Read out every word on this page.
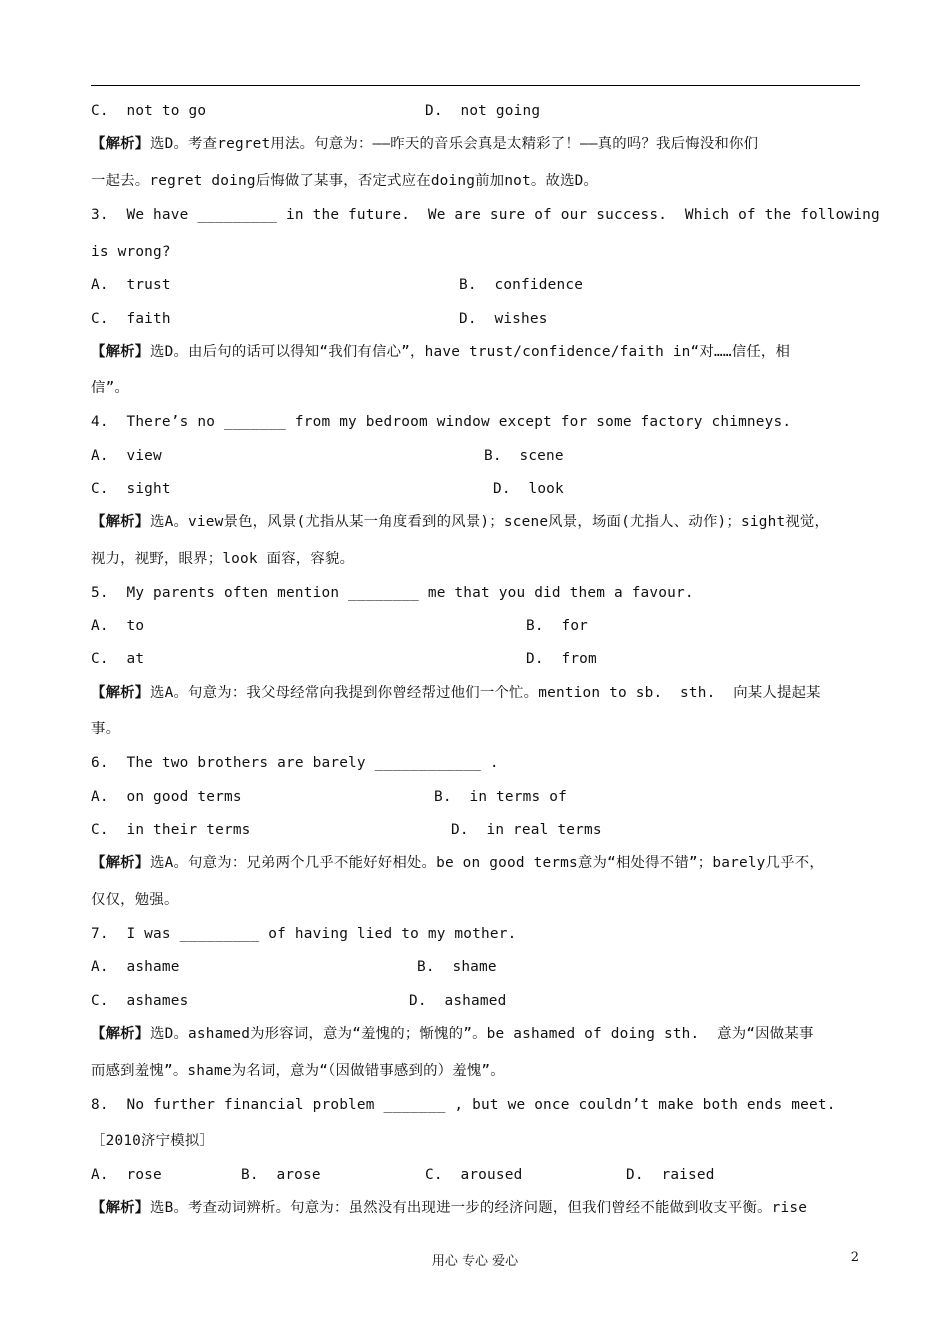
C.  not to go	D.  not going
【解析】 选D。考查regret用法。句意为：——昨天的音乐会真是太精彩了！——真的吗？我后悔没和你们
一起去。regret doing后悔做了某事，否定式应在doing前加not。故选D。
3.  We have _________ in the future.  We are sure of our success.  Which of the following
is wrong?
A.  trust	B.  confidence
C.  faith	D.  wishes
【解析】 选D。由后句的话可以得知“我们有信心”，have trust/confidence/faith in“对……信任，相
信”。
4.  There’s no _______ from my bedroom window except for some factory chimneys.
A.  view	B.  scene
C.  sight	D.  look
【解析】 选A。view景色，风景(尤指从某一角度看到的风景)；scene风景，场面(尤指人、动作)；sight视觉，
视力，视野，眼界；look 面容，容貌。
5.  My parents often mention ________ me that you did them a favour.
A.  to	B.  for
C.  at	D.  from
【解析】 选A。句意为：我父母经常向我提到你曾经帮过他们一个忙。mention to sb.  sth.  向某人提起某
事。
6.  The two brothers are barely ____________ .
A.  on good terms	B.  in terms of
C.  in their terms	D.  in real terms
【解析】 选A。句意为：兄弟两个几乎不能好好相处。be on good terms意为“相处得不错”；barely几乎不，
仅仅，勉强。
7.  I was _________ of having lied to my mother.
A.  ashame	B.  shame
C.  ashames	D.  ashamed
【解析】 选D。ashamed为形容词，意为“羞愧的；惭愧的”。be ashamed of doing sth.  意为“因做某事
而感到羞愧”。shame为名词，意为“（因做错事感到的）羞愧”。
8.  No further financial problem _______ , but we once couldn’t make both ends meet.
［2010济宁模拟］
A.  rose	B.  arose	C.  aroused	D.  raised
【解析】 选B。考查动词辨析。句意为：虽然没有出现进一步的经济问题，但我们曾经不能做到收支平衡。rise
用心 专心 爱心	2
